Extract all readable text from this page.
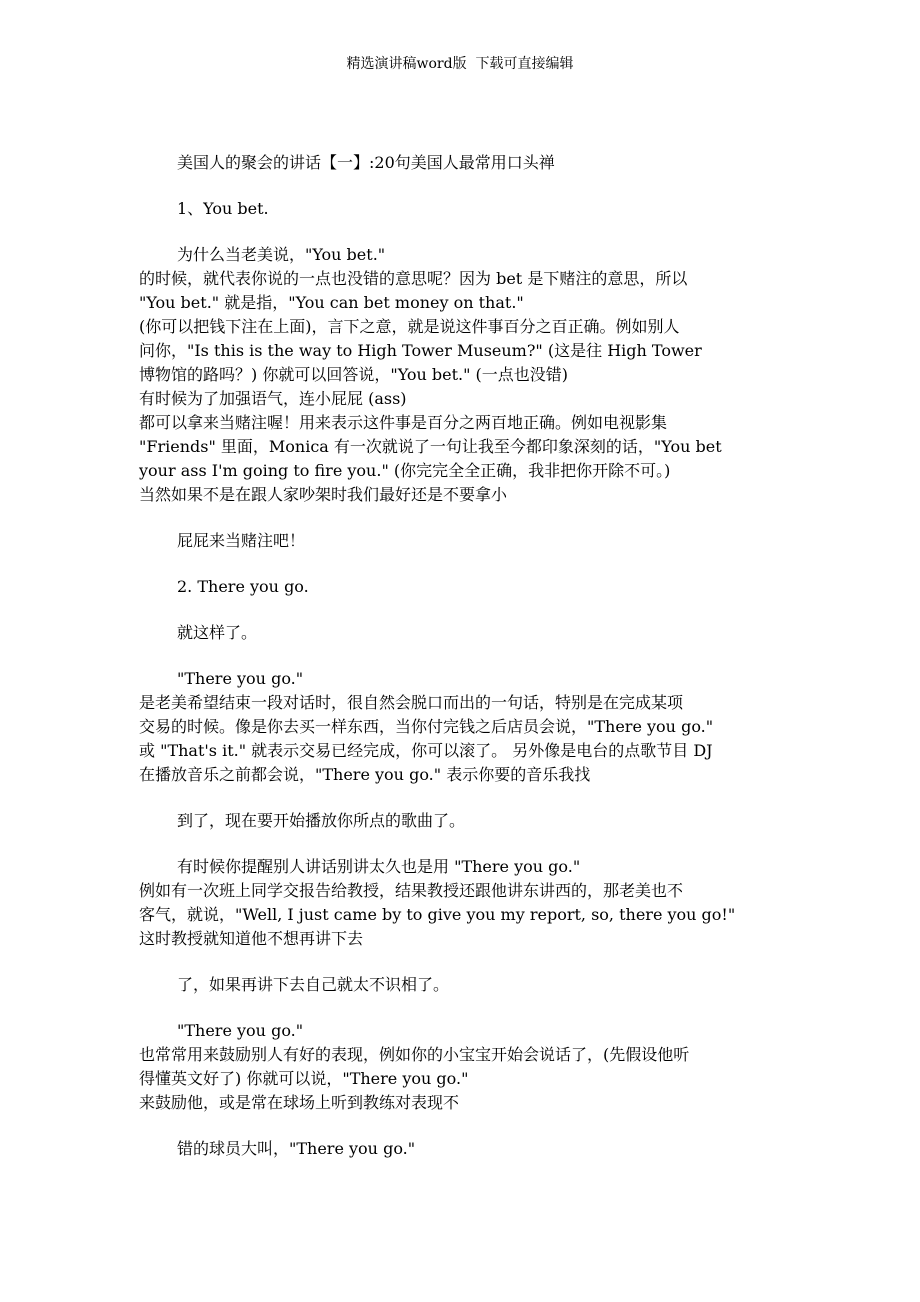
精选演讲稿word版  下载可直接编辑
美国人的聚会的讲话【一】:20句美国人最常用口头禅
1、You bet.
为什么当老美说，"You bet."
的时候，就代表你说的一点也没错的意思呢？因为 bet 是下赌注的意思，所以
"You bet." 就是指，"You can bet money on that."
(你可以把钱下注在上面)，言下之意，就是说这件事百分之百正确。例如别人
问你，"Is this is the way to High Tower Museum?" (这是往 High Tower
博物馆的路吗？) 你就可以回答说，"You bet." (一点也没错)
有时候为了加强语气，连小屁屁 (ass)
都可以拿来当赌注喔！用来表示这件事是百分之两百地正确。例如电视影集
"Friends" 里面，Monica 有一次就说了一句让我至今都印象深刻的话，"You bet
your ass I'm going to fire you." (你完完全全正确，我非把你开除不可。)
当然如果不是在跟人家吵架时我们最好还是不要拿小
屁屁来当赌注吧！
2. There you go.
就这样了。
"There you go."
是老美希望结束一段对话时，很自然会脱口而出的一句话，特别是在完成某项
交易的时候。像是你去买一样东西，当你付完钱之后店员会说，"There you go."
或 "That's it." 就表示交易已经完成，你可以滚了。 另外像是电台的点歌节目 DJ
在播放音乐之前都会说，"There you go." 表示你要的音乐我找
到了，现在要开始播放你所点的歌曲了。
有时候你提醒别人讲话别讲太久也是用 "There you go."
例如有一次班上同学交报告给教授，结果教授还跟他讲东讲西的，那老美也不
客气，就说，"Well, I just came by to give you my report, so, there you go!"
这时教授就知道他不想再讲下去
了，如果再讲下去自己就太不识相了。
"There you go."
也常常用来鼓励别人有好的表现，例如你的小宝宝开始会说话了，(先假设他听
得懂英文好了) 你就可以说，"There you go."
来鼓励他，或是常在球场上听到教练对表现不
错的球员大叫，"There you go."
